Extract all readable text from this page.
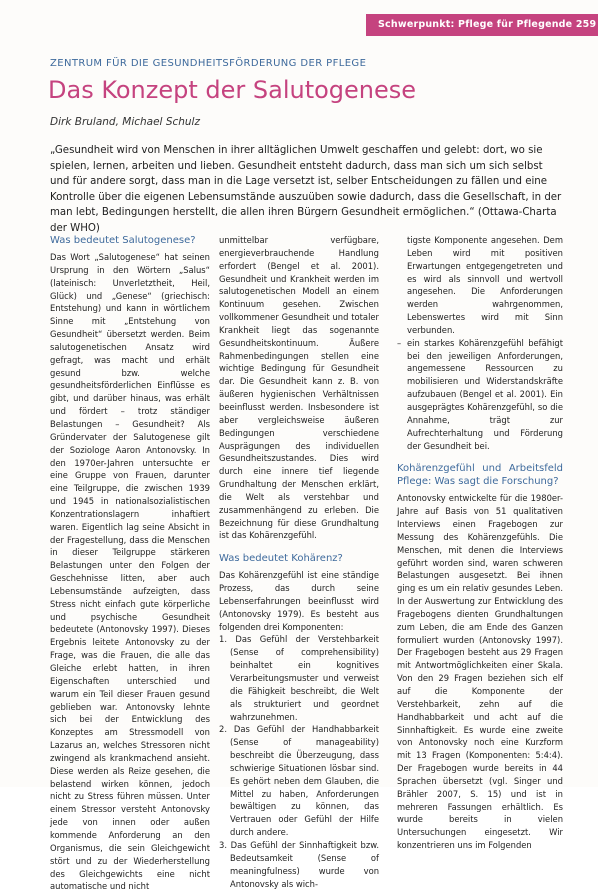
Schwerpunkt: Pflege für Pflegende 259
ZENTRUM FÜR DIE GESUNDHEITSFÖRDERUNG DER PFLEGE
Das Konzept der Salutogenese
Dirk Bruland, Michael Schulz
„Gesundheit wird von Menschen in ihrer alltäglichen Umwelt geschaffen und gelebt: dort, wo sie spielen, lernen, arbeiten und lieben. Gesundheit entsteht dadurch, dass man sich um sich selbst und für andere sorgt, dass man in die Lage versetzt ist, selber Entscheidungen zu fällen und eine Kontrolle über die eigenen Lebensumstände auszuüben sowie dadurch, dass die Gesellschaft, in der man lebt, Bedingungen herstellt, die allen ihren Bürgern Gesundheit ermöglichen.“ (Ottawa-Charta der WHO)
Was bedeutet Salutogenese?

Das Wort „Salutogenese“ hat seinen Ursprung in den Wörtern „Salus“ (lateinisch: Unverletztheit, Heil, Glück) und „Genese“ (griechisch: Entstehung) und kann in wörtlichem Sinne mit „Entstehung von Gesundheit“ übersetzt werden. Beim salutogenetischen Ansatz wird gefragt, was macht und erhält gesund bzw. welche gesundheitsförderlichen Einflüsse es gibt, und darüber hinaus, was erhält und fördert – trotz ständiger Belastungen – Gesundheit? Als Gründervater der Salutogenese gilt der Soziologe Aaron Antonovsky. In den 1970er-Jahren untersuchte er eine Gruppe von Frauen, darunter eine Teilgruppe, die zwischen 1939 und 1945 in nationalsozialistischen Konzentrationslagern inhaftiert waren. Eigentlich lag seine Absicht in der Fragestellung, dass die Menschen in dieser Teilgruppe stärkeren Belastungen unter den Folgen der Geschehnisse litten, aber auch Lebensumstände aufzeigten, dass Stress nicht einfach gute körperliche und psychische Gesundheit bedeutete (Antonovsky 1997). Dieses Ergebnis leitete Antonovsky zu der Frage, was die Frauen, die alle das Gleiche erlebt hatten, in ihren Eigenschaften unterschied und warum ein Teil dieser Frauen gesund geblieben war. Antonovsky lehnte sich bei der Entwicklung des Konzeptes am Stressmodell von Lazarus an, welches Stressoren nicht zwingend als krankmachend ansieht. Diese werden als Reize gesehen, die belastend wirken können, jedoch nicht zu Stress führen müssen. Unter einem Stressor versteht Antonovsky jede von innen oder außen kommende Anforderung an den Organismus, die sein Gleichgewicht stört und zu der Wiederherstellung des Gleichgewichts eine nicht automatische und nicht

unmittelbar verfügbare, energieverbrauchende Handlung erfordert (Bengel et al. 2001). Gesundheit und Krankheit werden im salutogenetischen Modell an einem Kontinuum gesehen. Zwischen vollkommener Gesundheit und totaler Krankheit liegt das sogenannte Gesundheitskontinuum. Äußere Rahmenbedingungen stellen eine wichtige Bedingung für Gesundheit dar. Die Gesundheit kann z. B. von äußeren hygienischen Verhältnissen beeinflusst werden. Insbesondere ist aber vergleichsweise äußeren Bedingungen verschiedene Ausprägungen des individuellen Gesundheitszustandes. Dies wird durch eine innere tief liegende Grundhaltung der Menschen erklärt, die Welt als verstehbar und zusammenhängend zu erleben. Die Bezeichnung für diese Grundhaltung ist das Kohärenzgefühl.

Was bedeutet Kohärenz?

Das Kohärenzgefühl ist eine ständige Prozess, das durch seine Lebenserfahrungen beeinflusst wird (Antonovsky 1979). Es besteht aus folgenden drei Komponenten:

1. Das Gefühl der Verstehbarkeit (Sense of comprehensibility) beinhaltet ein kognitives Verarbeitungsmuster und verweist die Fähigkeit beschreibt, die Welt als strukturiert und geordnet wahrzunehmen.
2. Das Gefühl der Handhabbarkeit (Sense of manageability) beschreibt die Überzeugung, dass schwierige Situationen lösbar sind. Es gehört neben dem Glauben, die Mittel zu haben, Anforderungen bewältigen zu können, das Vertrauen oder Gefühl der Hilfe durch andere.
3. Das Gefühl der Sinnhaftigkeit bzw. Bedeutsamkeit (Sense of meaningfulness) wurde von Antonovsky als wich-

tigste Komponente angesehen. Dem Leben wird mit positiven Erwartungen entgegengetreten und es wird als sinnvoll und wertvoll angesehen. Die Anforderungen werden wahrgenommen, Lebenswertes wird mit Sinn verbunden.

– ein starkes Kohärenzgefühl befähigt bei den jeweiligen Anforderungen, angemessene Ressourcen zu mobilisieren und Widerstandskräfte aufzubauen (Bengel et al. 2001). Ein ausgeprägtes Kohärenzgefühl, so die Annahme, trägt zur Aufrechterhaltung und Förderung der Gesundheit bei.
Kohärenzgefühl und Arbeitsfeld Pflege: Was sagt die Forschung?

Antonovsky entwickelte für die 1980er-Jahre auf Basis von 51 qualitativen Interviews einen Fragebogen zur Messung des Kohärenzgefühls. Die Menschen, mit denen die Interviews geführt worden sind, waren schweren Belastungen ausgesetzt. Bei ihnen ging es um ein relativ gesundes Leben. In der Auswertung zur Entwicklung des Fragebogens dienten Grundhaltungen zum Leben, die am Ende des Ganzen formuliert wurden (Antonovsky 1997). Der Fragebogen besteht aus 29 Fragen mit Antwortmöglichkeiten einer Skala. Von den 29 Fragen beziehen sich elf auf die Komponente der Verstehbarkeit, zehn auf die Handhabbarkeit und acht auf die Sinnhaftigkeit. Es wurde eine zweite von Antonovsky noch eine Kurzform mit 13 Fragen (Komponenten: 5:4:4). Der Fragebogen wurde bereits in 44 Sprachen übersetzt (vgl. Singer und Brähler 2007, S. 15) und ist in mehreren Fassungen erhältlich. Es wurde bereits in vielen Untersuchungen eingesetzt. Wir konzentrieren uns im Folgenden
